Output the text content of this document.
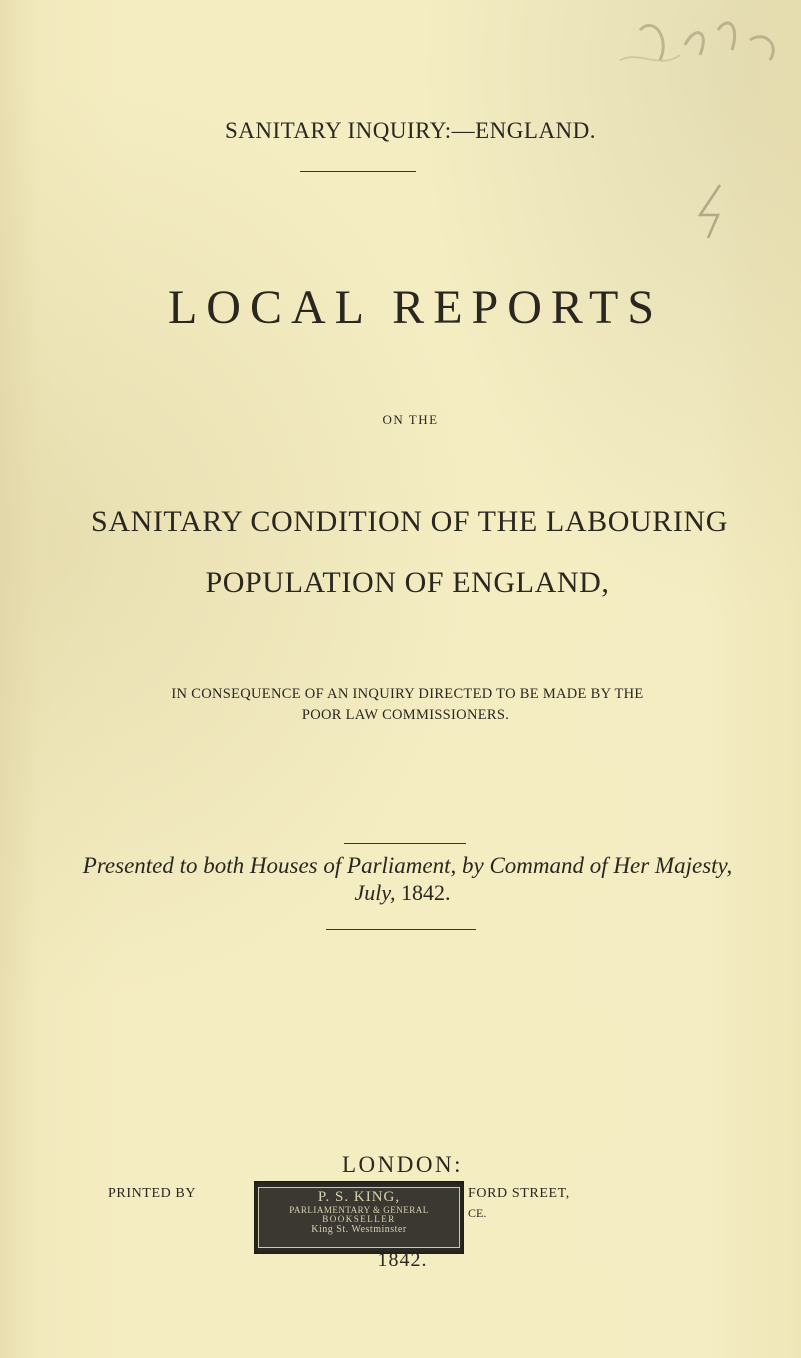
SANITARY INQUIRY:—ENGLAND.
LOCAL REPORTS
ON THE
SANITARY CONDITION OF THE LABOURING
POPULATION OF ENGLAND,
IN CONSEQUENCE OF AN INQUIRY DIRECTED TO BE MADE BY THE
POOR LAW COMMISSIONERS.
Presented to both Houses of Parliament, by Command of Her Majesty,
July, 1842.
LONDON:
PRINTED BY	FORD STREET,
CE.
P. S. KING,
PARLIAMENTARY & GENERAL
BOOKSELLER
King St. Westminster
1842.
